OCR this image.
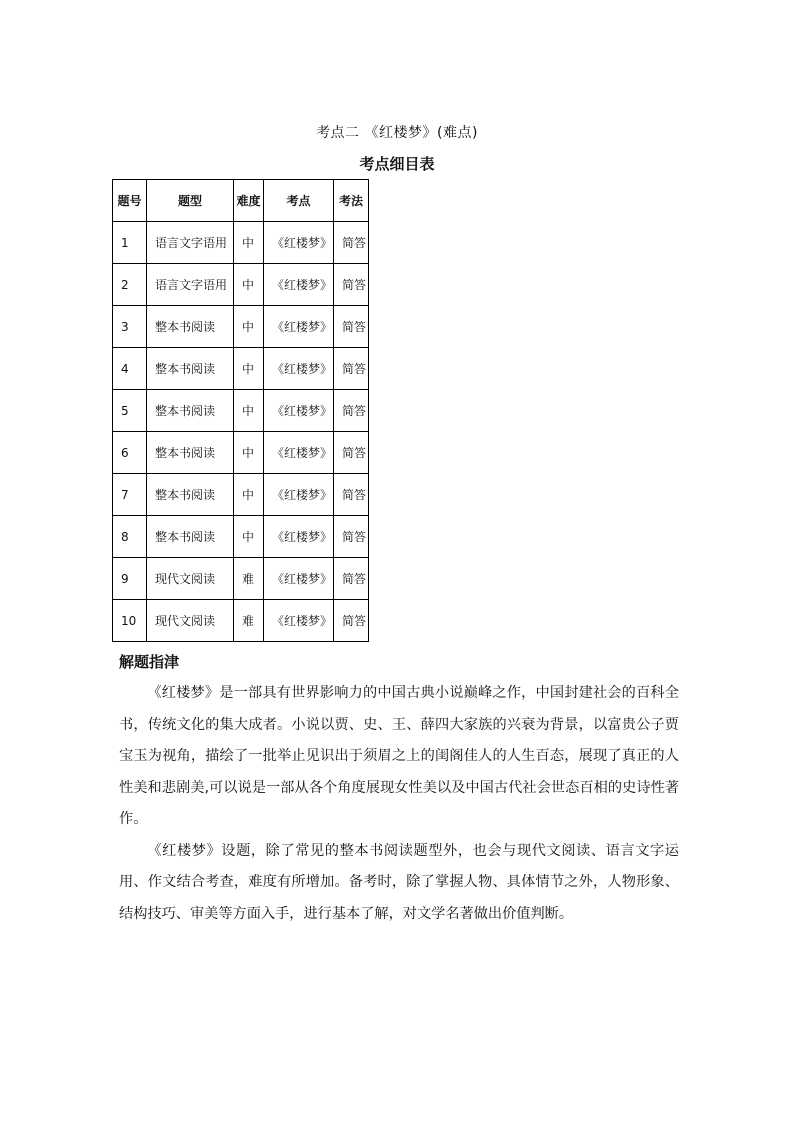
考点二 《红楼梦》(难点)
考点细目表
题号	题型	难度	考点	考法
1	语言文字语用	中	《红楼梦》	简答
2	语言文字语用	中	《红楼梦》	简答
3	整本书阅读	中	《红楼梦》	简答
4	整本书阅读	中	《红楼梦》	简答
5	整本书阅读	中	《红楼梦》	简答
6	整本书阅读	中	《红楼梦》	简答
7	整本书阅读	中	《红楼梦》	简答
8	整本书阅读	中	《红楼梦》	简答
9	现代文阅读	难	《红楼梦》	简答
10	现代文阅读	难	《红楼梦》	简答
解题指津

《红楼梦》是一部具有世界影响力的中国古典小说巅峰之作，中国封建社会的百科全书，传统文化的集大成者。小说以贾、史、王、薛四大家族的兴衰为背景，以富贵公子贾宝玉为视角，描绘了一批举止见识出于须眉之上的闺阁佳人的人生百态，展现了真正的人性美和悲剧美,可以说是一部从各个角度展现女性美以及中国古代社会世态百相的史诗性著作。

《红楼梦》设题，除了常见的整本书阅读题型外，也会与现代文阅读、语言文字运用、作文结合考查，难度有所增加。备考时，除了掌握人物、具体情节之外，人物形象、结构技巧、审美等方面入手，进行基本了解，对文学名著做出价值判断。
